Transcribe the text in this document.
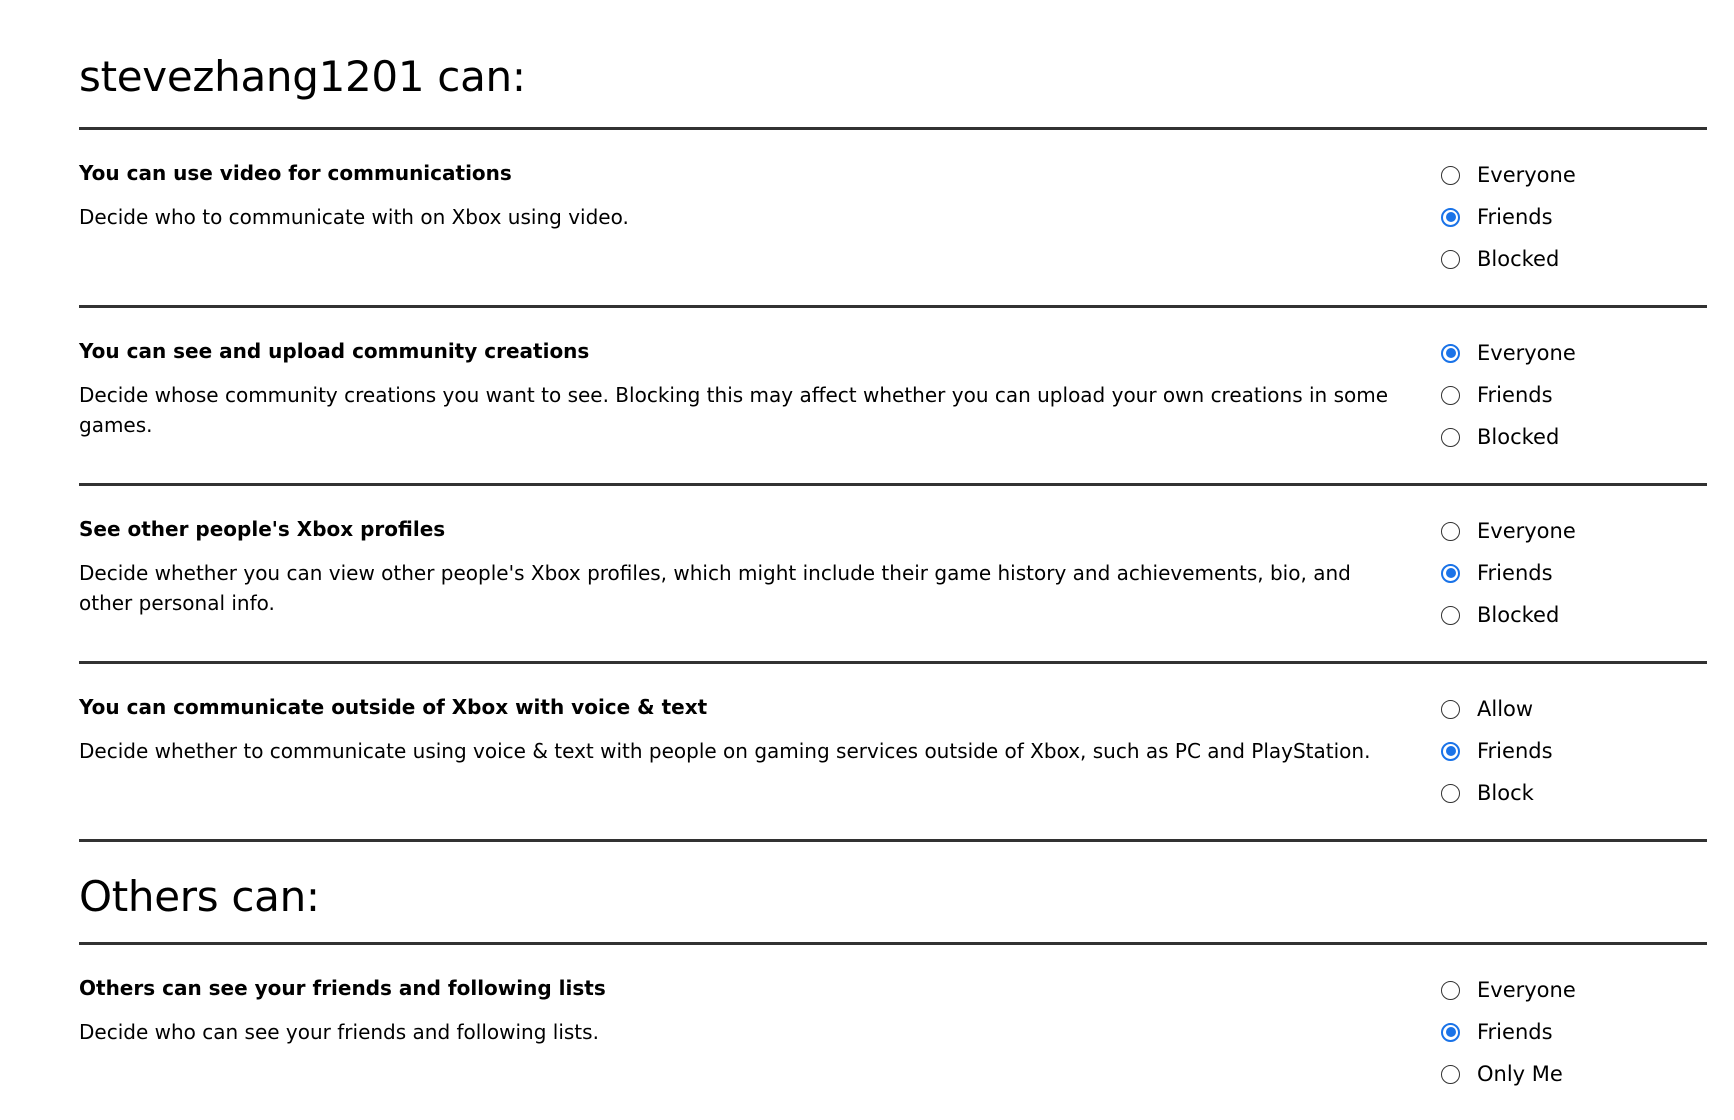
stevezhang1201 can:

You can use video for communications

Decide who to communicate with on Xbox using video.

Everyone
Friends
Blocked

You can see and upload community creations

Decide whose community creations you want to see. Blocking this may affect whether you can upload your own creations in some games.

Everyone
Friends
Blocked

See other people's Xbox profiles

Decide whether you can view other people's Xbox profiles, which might include their game history and achievements, bio, and other personal info.

Everyone
Friends
Blocked

You can communicate outside of Xbox with voice & text

Decide whether to communicate using voice & text with people on gaming services outside of Xbox, such as PC and PlayStation.

Allow
Friends
Block
Others can:

Others can see your friends and following lists

Decide who can see your friends and following lists.

Everyone
Friends
Only Me
